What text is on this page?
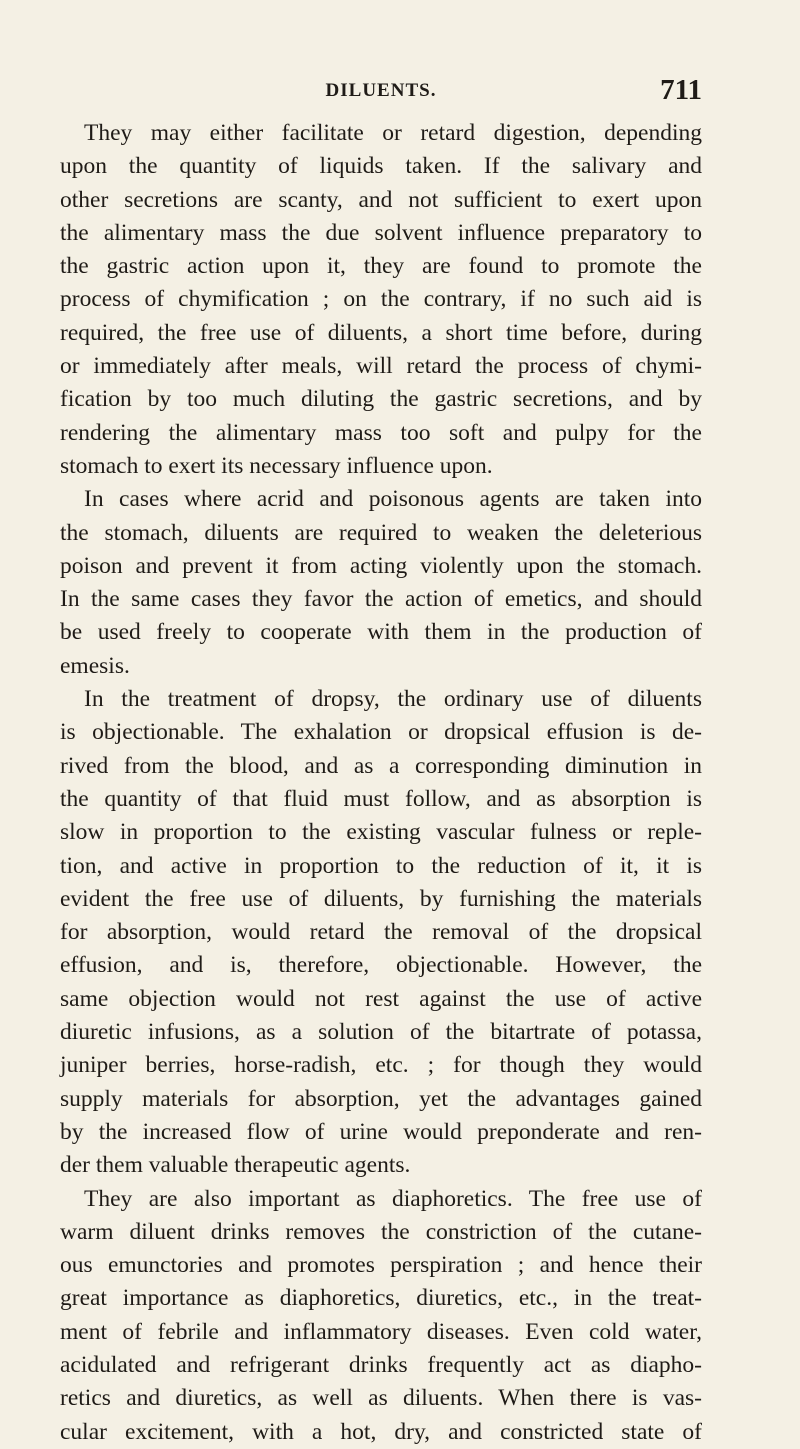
DILUENTS.	711
They may either facilitate or retard digestion, depending
upon the quantity of liquids taken. If the salivary and
other secretions are scanty, and not sufficient to exert upon
the alimentary mass the due solvent influence preparatory to
the gastric action upon it, they are found to promote the
process of chymification ; on the contrary, if no such aid is
required, the free use of diluents, a short time before, during
or immediately after meals, will retard the process of chymi-
fication by too much diluting the gastric secretions, and by
rendering the alimentary mass too soft and pulpy for the
stomach to exert its necessary influence upon.
In cases where acrid and poisonous agents are taken into
the stomach, diluents are required to weaken the deleterious
poison and prevent it from acting violently upon the stomach.
In the same cases they favor the action of emetics, and should
be used freely to cooperate with them in the production of
emesis.
In the treatment of dropsy, the ordinary use of diluents
is objectionable. The exhalation or dropsical effusion is de-
rived from the blood, and as a corresponding diminution in
the quantity of that fluid must follow, and as absorption is
slow in proportion to the existing vascular fulness or reple-
tion, and active in proportion to the reduction of it, it is
evident the free use of diluents, by furnishing the materials
for absorption, would retard the removal of the dropsical
effusion, and is, therefore, objectionable. However, the
same objection would not rest against the use of active
diuretic infusions, as a solution of the bitartrate of potassa,
juniper berries, horse-radish, etc. ; for though they would
supply materials for absorption, yet the advantages gained
by the increased flow of urine would preponderate and ren-
der them valuable therapeutic agents.
They are also important as diaphoretics. The free use of
warm diluent drinks removes the constriction of the cutane-
ous emunctories and promotes perspiration ; and hence their
great importance as diaphoretics, diuretics, etc., in the treat-
ment of febrile and inflammatory diseases. Even cold water,
acidulated and refrigerant drinks frequently act as diapho-
retics and diuretics, as well as diluents. When there is vas-
cular excitement, with a hot, dry, and constricted state of
